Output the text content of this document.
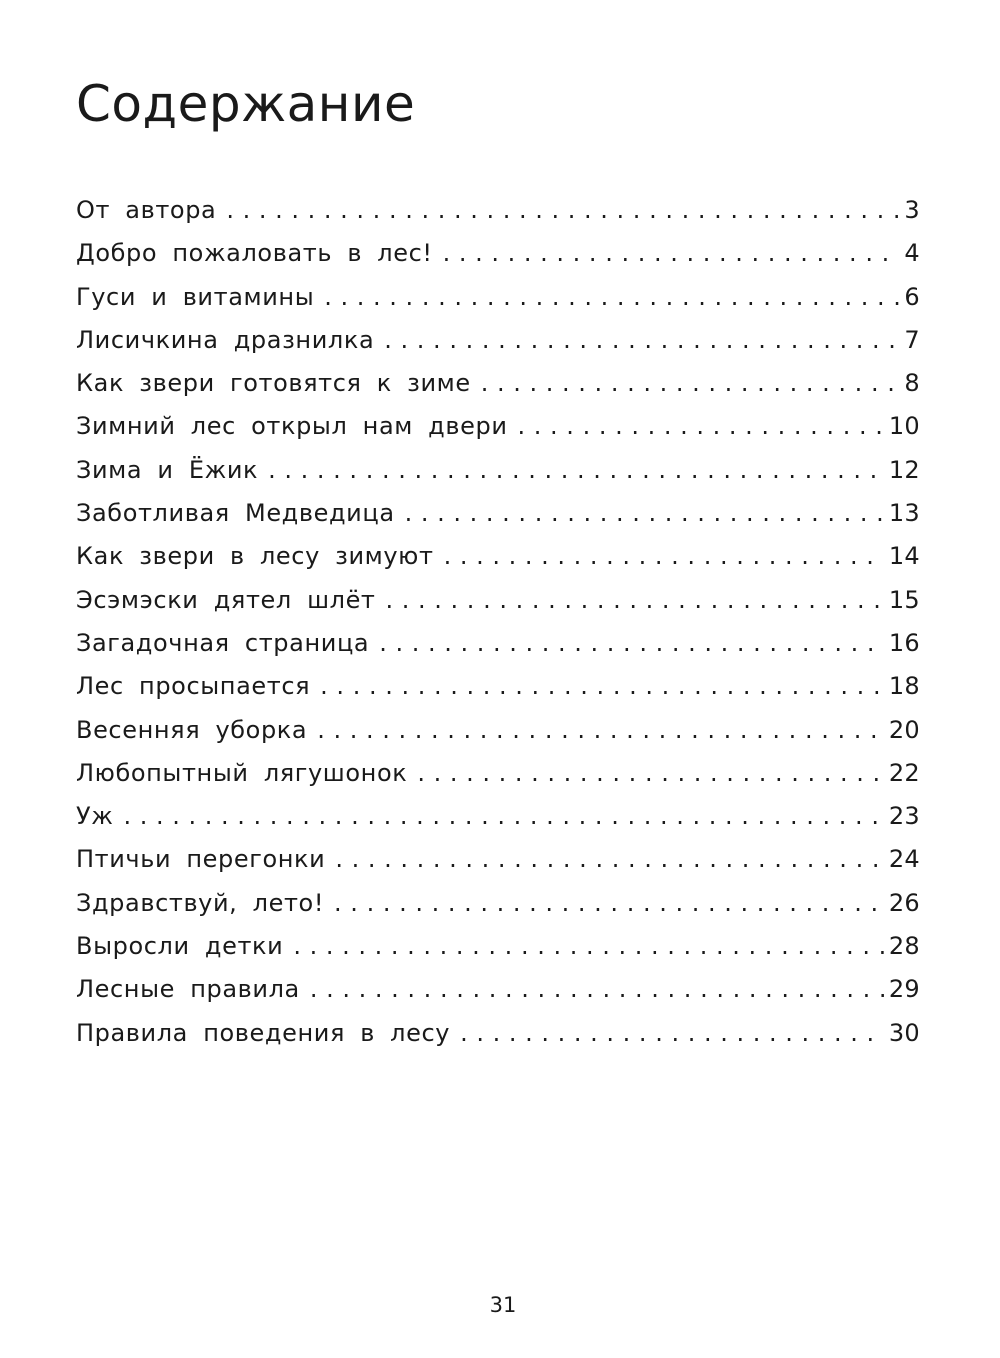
Содержание
От автора . . .	3
Добро пожаловать в лес! . . .	4
Гуси и витамины . . .	6
Лисичкина дразнилка . . .	7
Как звери готовятся к зиме . . .	8
Зимний лес открыл нам двери . . .	10
Зима и Ёжик . . .	12
Заботливая Медведица . . .	13
Как звери в лесу зимуют . . .	14
Эсэмэски дятел шлёт . . .	15
Загадочная страница . . .	16
Лес просыпается . . .	18
Весенняя уборка . . .	20
Любопытный лягушонок . . .	22
Уж . . .	23
Птичьи перегонки . . .	24
Здравствуй, лето! . . .	26
Выросли детки . . .	28
Лесные правила . . .	29
Правила поведения в лесу . . .	30
31
